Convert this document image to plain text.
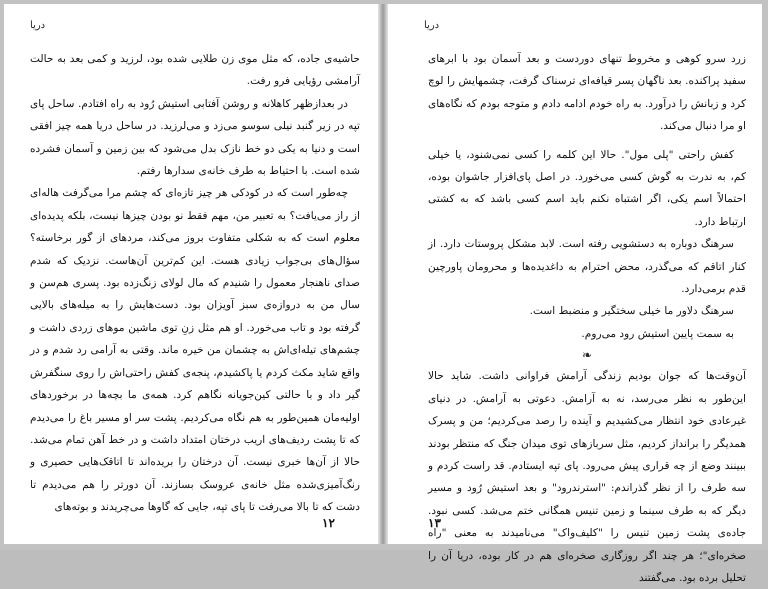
دریا

حاشیه‌ی جاده، که مثل موی زن طلایی شده بود، لرزید و کمی بعد به حالت آرامشی رؤیایی فرو رفت.

در بعدازظهر کاهلانه و روشن آفتابی استیش رُود به راه افتادم. ساحل پای تپه در زیر گنبد نیلی سوسو می‌زد و می‌لرزید. در ساحل دریا همه چیز افقی است و دنیا به یکی دو خط نازک بدل می‌شود که بین زمین و آسمان فشرده شده است. با احتیاط به طرف خانه‌ی سدارها رفتم.

چه‌طور است که در کودکی هر چیز تازه‌ای که چشم مرا می‌گرفت هاله‌ای از راز می‌یافت؟ به تعبیر من، مهم فقط نو بودن چیزها نیست، بلکه پدیده‌ای معلوم است که به شکلی متفاوت بروز می‌کند، مردهای از گور برخاسته؟ سؤال‌های بی‌جواب زیادی هست. این کم‌ترین آن‌هاست. نزدیک که شدم صدای ناهنجار معمول را شنیدم که مال لولای زنگ‌زده بود. پسری هم‌سن و سال من به دروازه‌ی سبز آویزان بود. دست‌هایش را به میله‌های بالایی گرفته بود و تاب می‌خورد. او هم مثل زنِ توی ماشین موهای زردی داشت و چشم‌های تیله‌ای‌اش به چشمان من خیره ماند. وقتی به آرامی رد شدم و در واقع شاید مکث کردم یا پاکشیدم، پنجه‌ی کفش راحتی‌اش را روی سنگفرش گیر داد و با حالتی کین‌جویانه نگاهم کرد. همه‌ی ما بچه‌ها در برخوردهای اولیه‌مان همین‌طور به هم نگاه می‌کردیم. پشت سر او مسیر باغ را می‌دیدم که تا پشت ردیف‌های اریب درختان امتداد داشت و در خط آهن تمام می‌شد. حالا از آن‌ها خبری نیست. آن درختان را بریده‌اند تا اتاقک‌هایی حصیری و رنگ‌آمیزی‌شده مثل خانه‌ی عروسک بسازند. آن دورتر را هم می‌دیدم تا دشت که تا بالا می‌رفت تا پای تپه، جایی که گاوها می‌چریدند و بوته‌های

۱۲
دریا

زرد سرو کوهی و مخروط تنهای دوردست و بعد آسمان بود با ابرهای سفید پراکنده. بعد ناگهان پسر قیافه‌ای ترسناک گرفت، چشمهایش را لوچ کرد و زبانش را درآورد. به راه خودم ادامه دادم و متوجه بودم که نگاه‌های او مرا دنبال می‌کند.

کفش راحتی "پلی مول". حالا این کلمه را کسی نمی‌شنود، یا خیلی کم، به ندرت به گوش کسی می‌خورد. در اصل پای‌افزار جاشوان بوده، احتمالاً اسم یکی، اگر اشتباه نکنم باید اسم کسی باشد که به کشتی ارتباط دارد.

سرهنگ دوباره به دستشویی رفته است. لابد مشکل پروستات دارد. از کنار اتاقم که می‌گذرد، محض احترام به داغدیده‌ها و محرومان پاورچین قدم برمی‌دارد.

سرهنگ دلاور ما خیلی سختگیر و منضبط است.

به سمت پایین استیش رود می‌روم.

❧

آن‌وقت‌ها که جوان بودیم زندگی آرامش فراوانی داشت. شاید حالا این‌طور به نظر می‌رسد، نه به آرامش. دعوتی به آرامش. در دنیای غیرعادی خود انتظار می‌کشیدیم و آینده را رصد می‌کردیم؛ من و پسرک همدیگر را برانداز کردیم، مثل سربازهای توی میدان جنگ که منتظر بودند ببینند وضع از چه قراری پیش می‌رود. پای تپه ایستادم. قد راست کردم و سه طرف را از نظر گذراندم: "استرندرود" و بعد استیش رُود و مسیر دیگر که به طرف سینما و زمین تنیس همگانی ختم می‌شد. کسی نبود. جاده‌ی پشت زمین تنیس را "کلیف‌واک" می‌نامیدند به معنی "راه صخره‌ای"؛ هر چند اگر روزگاری صخره‌ای هم در کار بوده، دریا آن را تحلیل برده بود. می‌گفتند

۱۳
